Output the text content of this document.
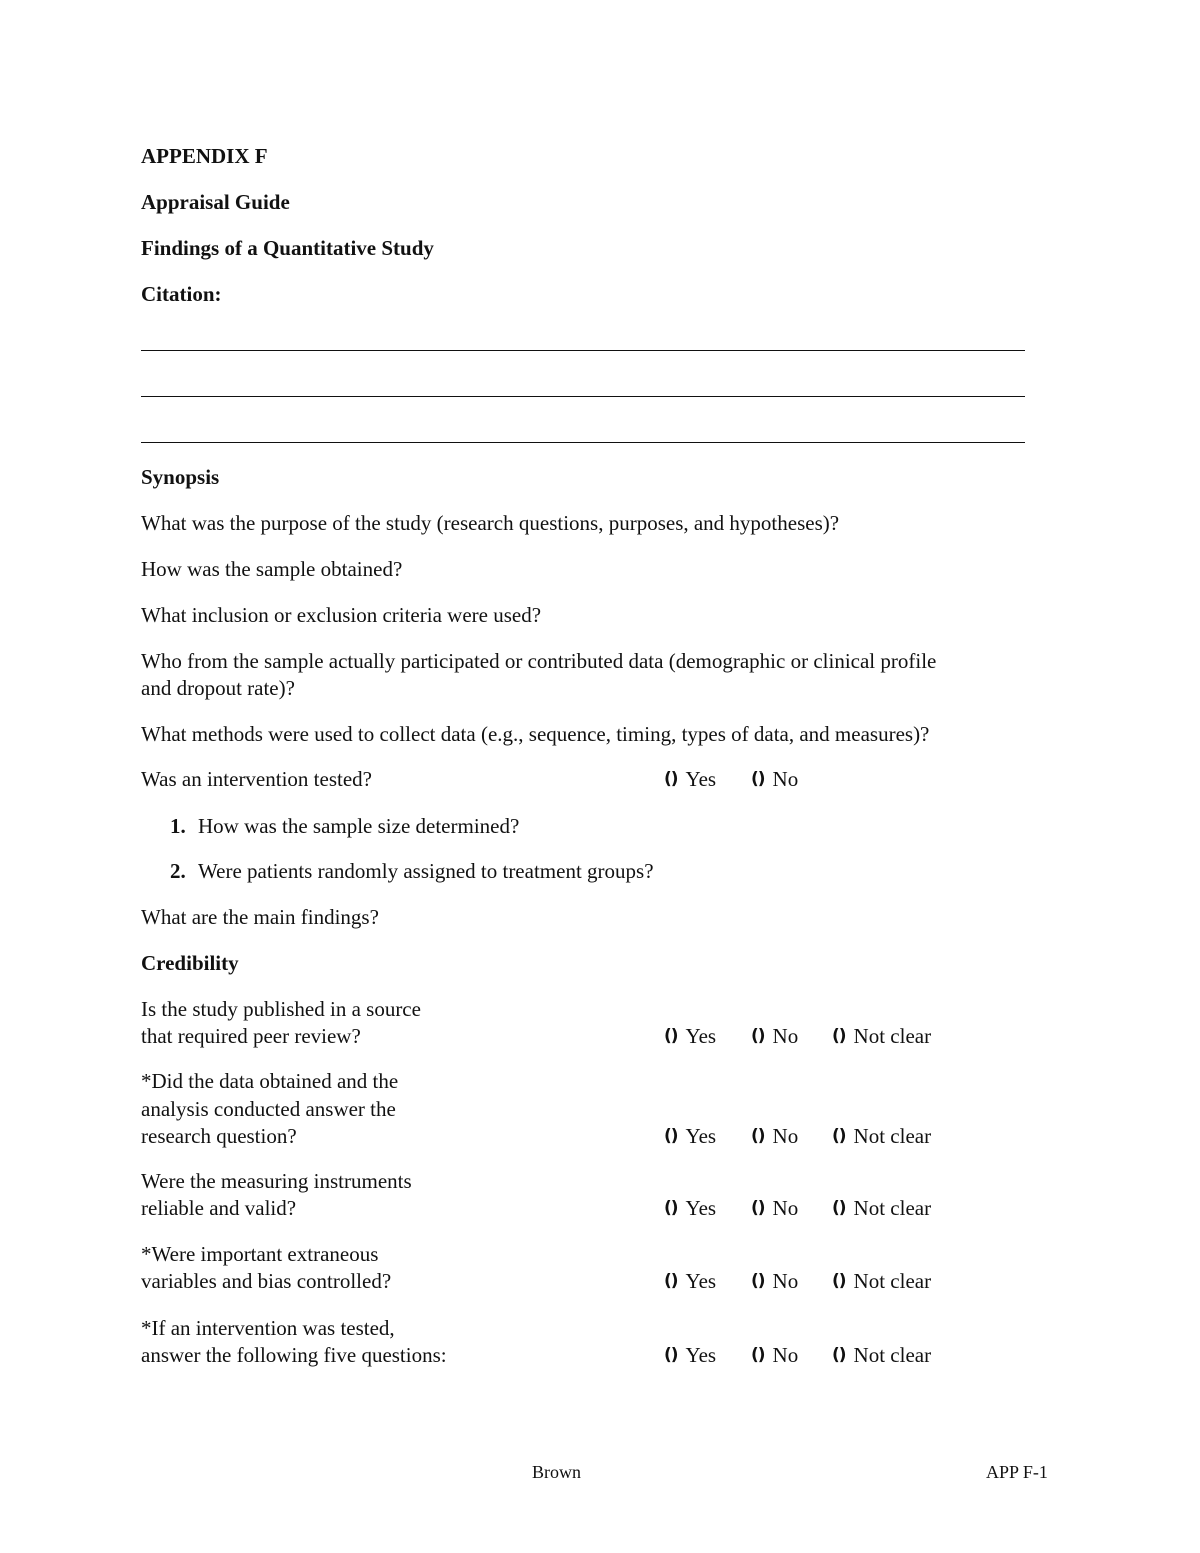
APPENDIX F
Appraisal Guide
Findings of a Quantitative Study
Citation:
Synopsis
What was the purpose of the study (research questions, purposes, and hypotheses)?
How was the sample obtained?
What inclusion or exclusion criteria were used?
Who from the sample actually participated or contributed data (demographic or clinical profile
and dropout rate)?
What methods were used to collect data (e.g., sequence, timing, types of data, and measures)?
Was an intervention tested?	() Yes () No
1. How was the sample size determined?
2. Were patients randomly assigned to treatment groups?
What are the main findings?
Credibility
Is the study published in a source
that required peer review?	() Yes () No () Not clear
*Did the data obtained and the
analysis conducted answer the
research question?	() Yes () No () Not clear
Were the measuring instruments
reliable and valid?	() Yes () No () Not clear
*Were important extraneous
variables and bias controlled?	() Yes () No () Not clear
*If an intervention was tested,
answer the following five questions:	() Yes () No () Not clear
Brown	APP F-1
